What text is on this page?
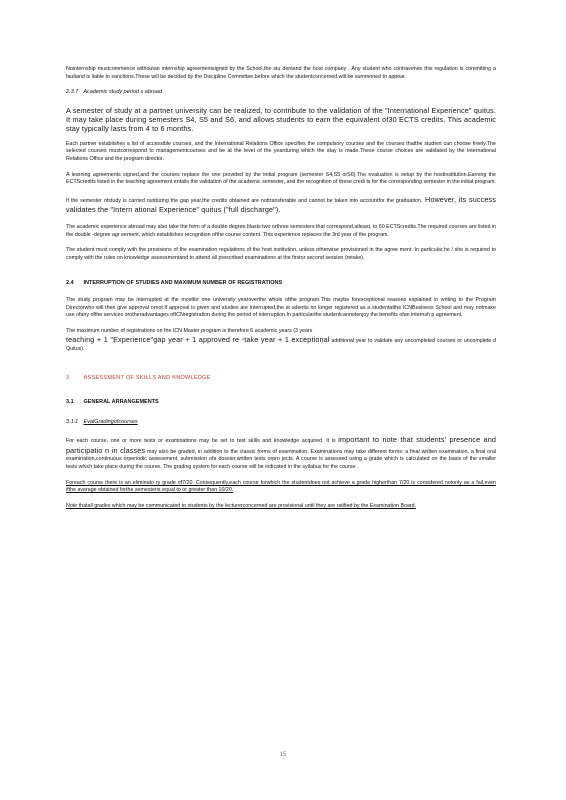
Nointernship mustcommence withoutan internship agreementsigned by the School,the stu dentand the host company . Any student who contravenes this regulation is committing a faultand is liable to sanctions.These will be decided by the Discipline Committee,before which the studentconcerned will be summoned to appear.

2.3.7 Academic study period s abroad

A semester of study at a partner university can be realized, to contribute to the validation of the "International Experience" quitus. It may take place during semesters S4, S5 and S6, and allows students to earn the equivalent of30 ECTS credits. This academic stay typically lasts from 4 to 6 months.

Each partner establishes a list of accessible courses, and the International Relations Office specifies the compulsory courses and the courses thatthe student can choose freely.The selected courses mustcorrespond to managementcourses and be at the level of the yearduring which the stay is made.These course choices are validated by the International Relations Office and the program director.

A learning agreements signed,and the courses replace the one provided by the initial program (semester S4,S5 orS6).The evaluation is setup by the hostinstitution.Earning the ECTScredits listed in the teaching agreement entails the validation of the academic semester, and the recognition of these credi ts for the corresponding semester in the initial program.

If the semester ofstudy is carried outduring the gap year,the credits obtained are nottransferable and cannot be taken into accountfor the graduation. However, its success validates the "Intern ational Experience" quitus ("full discharge").

The academic experience abroad may also take the form of a double degree.Itlasts two orthree semesters that correspond,atleast, to 60 ECTScredits.The required courses are listed in the double -degree agr eement, which establishes recognition ofthe course content. This experience replaces the 3rd year of the program.

The student must comply with the provisions of the examination regulations of the host institution, unless otherwise provisioned in the agree ment. In particular,he / she is required to comply with the rules on knowledge assessmentand to attend all prescribed examinations at the firstor second session (retake).

2.4 INTERRUPTION OF STUDIES AND MAXIMUM NUMBER OF REGISTRATIONS

The study program may be interrupted at the mostfor one university yearoverthe whole ofthe program.This maybe forexceptional reasons explained in writing to the Program Directorwho will then give approval ornot.If approval is given and studies are interrupted,the st udentis no longer registered as a studentatthe ICNBusiness School and may notmake use ofany ofthe services orotheradvantages ofICNregistration during the period of interruption.In particularthe studentcannotenjoy the benefits ofan internsh p agreement.

The maximum number of registrations on the ICN Master program is therefore 6 academic years (3 years
teaching + 1 "Experience"gap year + 1 approved re -take year + 1 exceptional additional year to validate any uncompleted courses or uncomplete d Quitus).

3	ASSESSMENT OF SKILLS AND KNOWLEDGE
3.1 GENERAL ARRANGEMENTS
3.1.1 EvalGradingofcourses

For each course, one or more tests or examinations may be set to test skills and knowledge acquired. It is important to note that students' presence and participatio n in classes may also be graded, in addition to the classic forms of examination. Examinations may take different forms: a final written examination, a final oral examination,continuous orperiodic assessment, submission ofa dossier,written tests orpro jects. A course is assessed using a grade which is calculated on the basis of the smaller tests which take place during the course. The grading system for each course will be indicated in the syllabus for the course .

Foreach course there is an eliminato ry grade of7/20. Consequently,each course forwhich the studentdoes not achieve a grade higherthan 7/20 is considered notonly as a fail,even ifthe average obtained forthe semesteris equal to or greater than 10/20.

Note thatall grades which may be communicated to students by the lecturerconcerned are provisional until they are ratified by the Examination Board.

15
